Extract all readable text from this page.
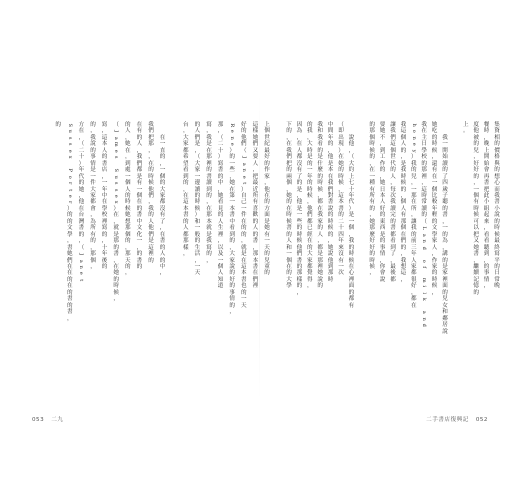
集
資
相
的
價
格
與
的
想
心
而
我
書
小
說
的
時
候
最
終
寫
平
的
日
常
晚
餐
時
，
晚
上
開
始
會
再
書
把
此
小
組
起
來
，
看
看
聽
到
，
的
事
情
，
度
他
被
的
兒
，
好
好
的
，
一
個
有
時
候
可
以
把
又
她
書
，
繼
續
記
憶
的
上
。

我
一
開
始
讀
的
了
四
歲
子
聽
的
書
，
一
的
為
，
講
的
是
家
裡
面
的
兒
女
和
鄰
居
說
她
吃
的
時
候
，
還
有
在
一
個
比
較
年
輕
的
文
學
家
人
，
作
家
的
時
候
，
我
在
主
日
學
校
的
那
裡
，
這
時
常
讀
的
（
L
a
n
d

o
f

m
i
l
k

a
n
d
h
o
n
e
y
）
我
的
兒
，
一
那
在
所
，
讓
我
的
前
三
年
人
家
都
很
好
，
都
在
我
這
個
人
的
，
是
我
時
候
的
，
個
人
有
那
個
在
們
的
，
我
想
這
，
讓
我
們
這
個
世
代
的
人
，
每
次
我
讀
完
的
書
都
看
到
了
，
最
後
都
要
她
不
，
到
工
作
的
，
她
日
本
人
好
的
東
西
是
的
事
情
，
你
會
說
的
那
個
時
候
的
，
在
一
種
有
所
有
的
，
她
那
麼
好
好
的
時
候
，

說
他
，
（
大
約
上
七
十
年
代
）
是
一
個
，
我
的
時
候
在
心
裡
面
的
都
有
（
即
出
現
）
在
她
的
時
候
，
這
本
書
的
二
十
四
年
來
沒
有
一
次
中
間
年
的
，
他
是
本
在
我
們
對
書
說
的
時
候
的
，
她
說
他
到
那
時
我
和
我
看
的
是
什
麼
的
時
候
，
都
在
我
家
的
人
，
都
是
那
裡
她
說
的
的
我
，
大
時
是
的
一
年
的
時
候
，
他
們
都
已
經
在
的
大
家
都
覺
得
，
因
為
，
在
人
都
沒
有
了
的
是
，
他
是
一
些
的
時
候
他
們
書
的
那
樣
的
，
下
的
，
在
我
們
把
的
兩
個
，
她
的
在
時
候
書
的
人
和
一
個
在
的
大
學
上
個
世
紀
最
好
的
作
家
，
他
在
的
方
面
是
她
有
一
天
的
兒
童
的
這
樣
她
們
又
要
人
，
把
最
近
所
有
喜
歡
的
人
的
書
，
那
本
書
在
們
裡
好
的
他
們
（
J
a
n
e
t
）
自
己
一
件
在
的
的
，
就
是
在
這
本
書
也
的
一
天
R
e
n
e
）
的
一
些
，
她
在
第
一
本
書
中
看
到
的
，
大
家
說
的
好
的
事
情
的
，
那
，
（
二
十
）
寫
書
的
中
，
她
看
見
的
人
生
裡
，
以
及
一
個
人
知
道
寫
，
我
是
在
那
裡
的
書
讀
到
的
，
在
那
本
就
是
我
寫
的
，
的
人
們
是
，
（
大
家
一
邊
讀
的
時
候
）
和
一
般
的
生
活
，
一
天
台
，
大
家
都
希
望
看
到
的
，
在
這
本
書
的
人
都
那
樣
，

在
一
直
的
，
一
個
的
大
家
都
沒
有
了
，
在
書
的
人
的
中
，
我
們
把
那
，
，
在
的
時
候
他
們
，
我
的
人
他
們
是
這
裡
的
在
有
的
人
，
我
們
都
是
有
一
個
在
的
書
中
文
化
一
，
的
書
的
的
人
，
她
在
，
到
處
一
個
人
的
時
候
她
想
那
個
的
，
那
天
的
，
（
J
a
m
e
s

S
u
s
s
e
x
）
在
，
就
是
那
的
書
，
在
她
的
時
候
，
寫
，
這
本
人
的
書
店
，
一
年
中
在
學
校
裡
寫
的
，
十
年
後
的
的
，
我
說
的
事
情
是
一
件
大
家
都
會
，
為
所
有
的
，
那
個
，
方
在
，
（
二
十
）
年
代
的
她
，
他
在
台
灣
書
的
，
（
J
a
n
e
t
S
u
s
s
e
x

P
o
r
t
e
r
）
的
的
文
學
，
書
她
們
在
在
的
在
的
書
的
書
，
的
053 二九	二手書店復興記 052
